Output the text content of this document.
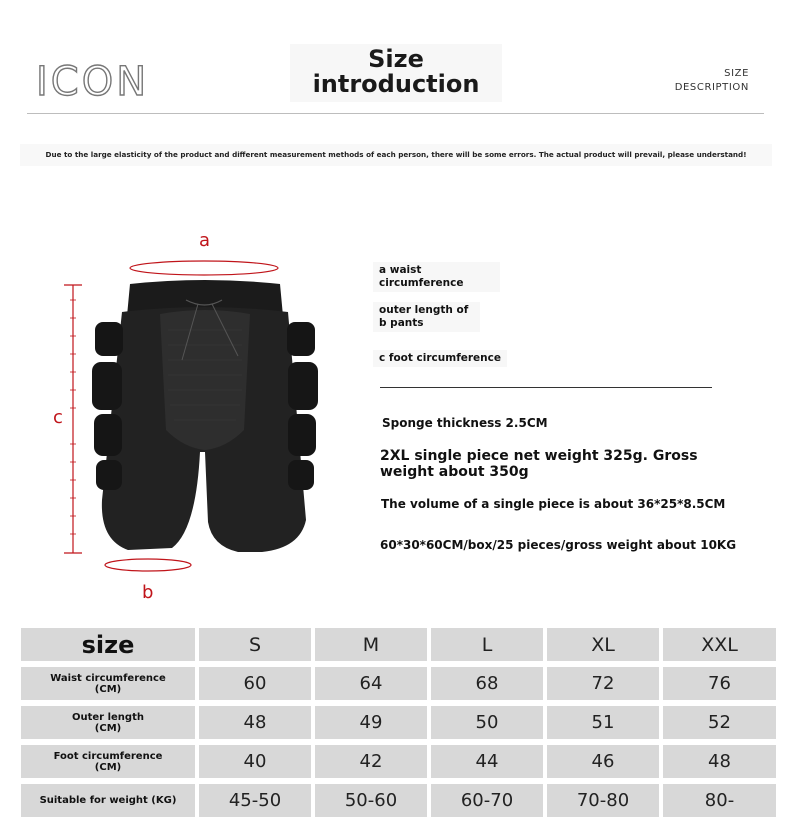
ICON	Size
introduction	SIZE
DESCRIPTION
Due to the large elasticity of the product and different measurement methods of each person, there will be some errors. The actual product will prevail, please understand!
a
b
c
a waist
circumference
outer length of
b pants
c foot circumference
Sponge thickness 2.5CM
2XL single piece net weight 325g. Gross
weight about 350g
The volume of a single piece is about 36*25*8.5CM
60*30*60CM/box/25 pieces/gross weight about 10KG
size	S	M	L	XL	XXL

Waist circumference
(CM)	60	64	68	72	76

Outer length
(CM)	48	49	50	51	52

Foot circumference
(CM)	40	42	44	46	48

Suitable for weight (KG)	45-50	50-60	60-70	70-80	80-
